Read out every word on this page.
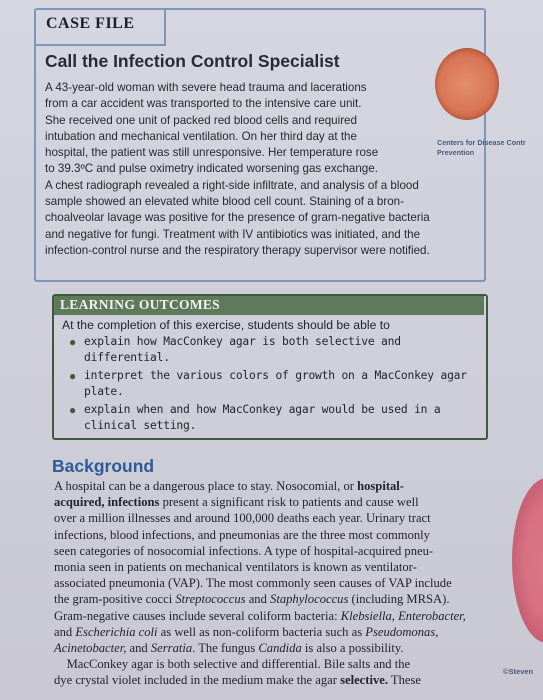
CASE FILE
Call the Infection Control Specialist
Centers for Disease Contr
Prevention
A 43-year-old woman with severe head trauma and lacerations
from a car accident was transported to the intensive care unit.
She received one unit of packed red blood cells and required
intubation and mechanical ventilation. On her third day at the
hospital, the patient was still unresponsive. Her temperature rose
to 39.3ºC and pulse oximetry indicated worsening gas exchange.
A chest radiograph revealed a right-side infiltrate, and analysis of a blood
sample showed an elevated white blood cell count. Staining of a bron-
choalveolar lavage was positive for the presence of gram-negative bacteria
and negative for fungi. Treatment with IV antibiotics was initiated, and the
infection-control nurse and the respiratory therapy supervisor were notified.
LEARNING OUTCOMES
At the completion of this exercise, students should be able to
● explain how MacConkey agar is both selective and
differential.
● interpret the various colors of growth on a MacConkey agar plate.
● explain when and how MacConkey agar would be used in a
clinical setting.
Background
A hospital can be a dangerous place to stay. Nosocomial, or hospital-
acquired, infections present a significant risk to patients and cause well
over a million illnesses and around 100,000 deaths each year. Urinary tract
infections, blood infections, and pneumonias are the three most commonly
seen categories of nosocomial infections. A type of hospital-acquired pneu-
monia seen in patients on mechanical ventilators is known as ventilator-
associated pneumonia (VAP). The most commonly seen causes of VAP include
the gram-positive cocci Streptococcus and Staphylococcus (including MRSA).
Gram-negative causes include several coliform bacteria: Klebsiella, Enterobacter,
and Escherichia coli as well as non-coliform bacteria such as Pseudomonas,
Acinetobacter, and Serratia. The fungus Candida is also a possibility.
MacConkey agar is both selective and differential. Bile salts and the
dye crystal violet included in the medium make the agar selective. These
©Steven
